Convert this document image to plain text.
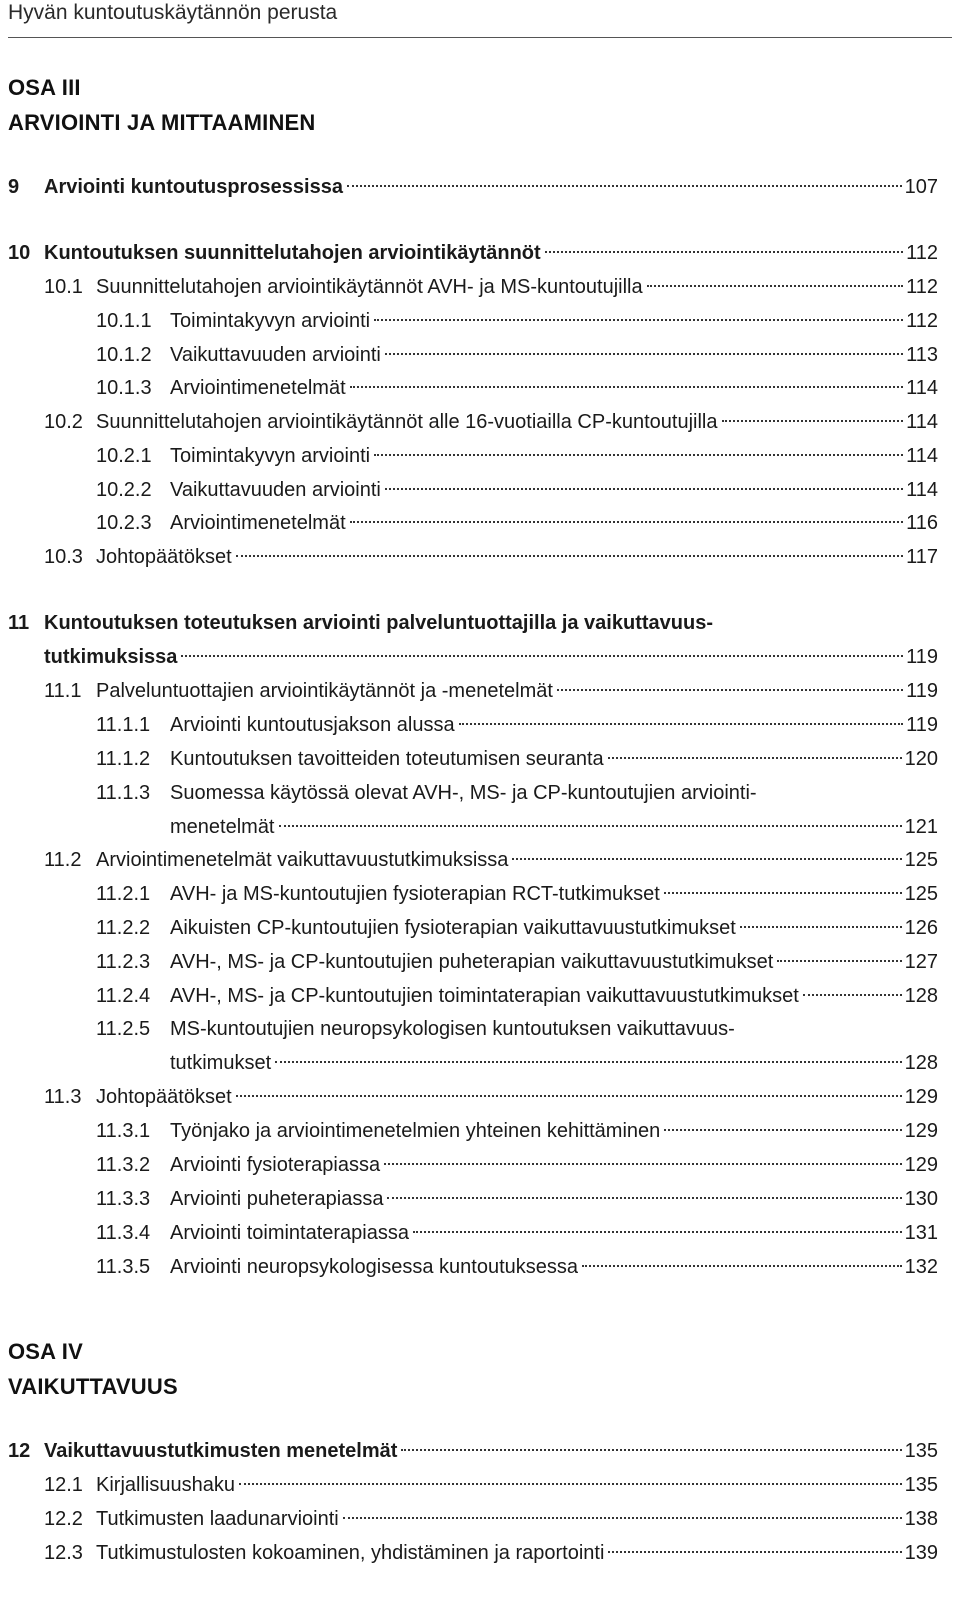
Hyvän kuntoutuskäytännön perusta
OSA III
ARVIOINTI JA MITTAAMINEN
OSA IV
VAIKUTTAVUUS
9 Arviointi kuntoutusprosessissa	107
10 Kuntoutuksen suunnittelutahojen arviointikäytännöt	112
10.1 Suunnittelutahojen arviointikäytännöt AVH- ja MS-kuntoutujilla	112
10.1.1 Toimintakyvyn arviointi	112
10.1.2 Vaikuttavuuden arviointi	113
10.1.3 Arviointimenetelmät	114
10.2 Suunnittelutahojen arviointikäytännöt alle 16-vuotiailla CP-kuntoutujilla	114
10.2.1 Toimintakyvyn arviointi	114
10.2.2 Vaikuttavuuden arviointi	114
10.2.3 Arviointimenetelmät	116
10.3 Johtopäätökset	117
11 Kuntoutuksen toteutuksen arviointi palveluntuottajilla ja vaikuttavuus-
tutkimuksissa	119
11.1 Palveluntuottajien arviointikäytännöt ja -menetelmät	119
11.1.1 Arviointi kuntoutusjakson alussa	119
11.1.2 Kuntoutuksen tavoitteiden toteutumisen seuranta	120
11.1.3 Suomessa käytössä olevat AVH-, MS- ja CP-kuntoutujien arviointi-
menetelmät	121
11.2 Arviointimenetelmät vaikuttavuustutkimuksissa	125
11.2.1 AVH- ja MS-kuntoutujien fysioterapian RCT-tutkimukset	125
11.2.2 Aikuisten CP-kuntoutujien fysioterapian vaikuttavuustutkimukset	126
11.2.3 AVH-, MS- ja CP-kuntoutujien puheterapian vaikuttavuustutkimukset	127
11.2.4 AVH-, MS- ja CP-kuntoutujien toimintaterapian vaikuttavuustutkimukset	128
11.2.5 MS-kuntoutujien neuropsykologisen kuntoutuksen vaikuttavuus-
tutkimukset	128
11.3 Johtopäätökset	129
11.3.1 Työnjako ja arviointimenetelmien yhteinen kehittäminen	129
11.3.2 Arviointi fysioterapiassa	129
11.3.3 Arviointi puheterapiassa	130
11.3.4 Arviointi toimintaterapiassa	131
11.3.5 Arviointi neuropsykologisessa kuntoutuksessa	132
12 Vaikuttavuustutkimusten menetelmät	135
12.1 Kirjallisuushaku	135
12.2 Tutkimusten laadunarviointi	138
12.3 Tutkimustulosten kokoaminen, yhdistäminen ja raportointi	139
